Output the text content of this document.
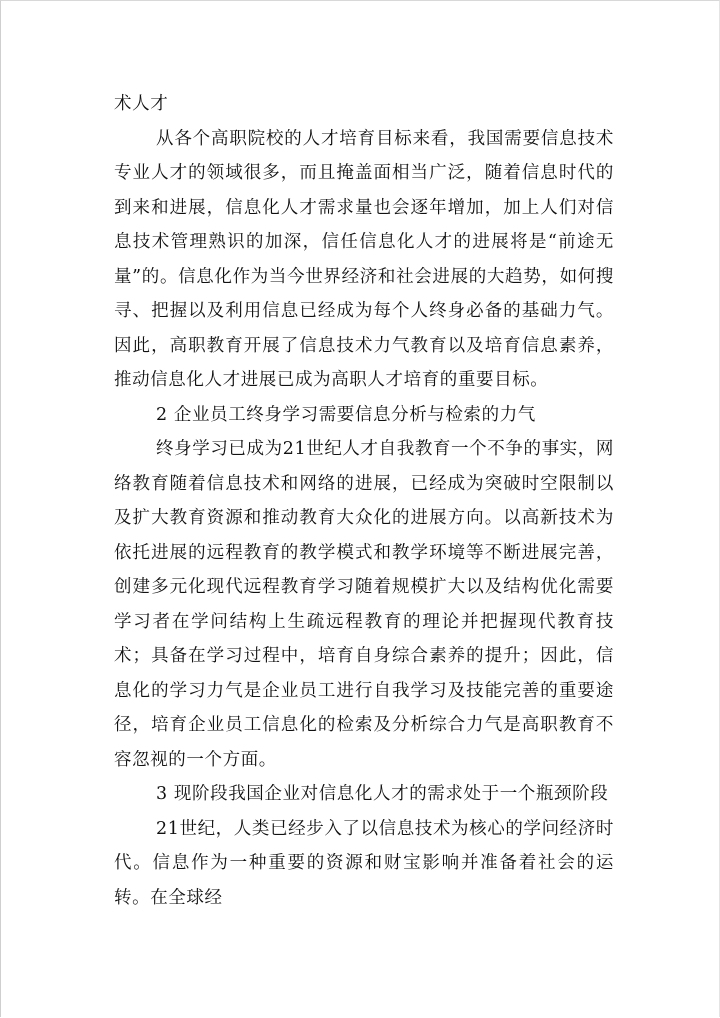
术人才

从各个高职院校的人才培育目标来看，我国需要信息技术专业人才的领域很多，而且掩盖面相当广泛，随着信息时代的到来和进展，信息化人才需求量也会逐年增加，加上人们对信息技术管理熟识的加深，信任信息化人才的进展将是“前途无量”的。信息化作为当今世界经济和社会进展的大趋势，如何搜寻、把握以及利用信息已经成为每个人终身必备的基础力气。因此，高职教育开展了信息技术力气教育以及培育信息素养，推动信息化人才进展已成为高职人才培育的重要目标。

2 企业员工终身学习需要信息分析与检索的力气

终身学习已成为21世纪人才自我教育一个不争的事实，网络教育随着信息技术和网络的进展，已经成为突破时空限制以及扩大教育资源和推动教育大众化的进展方向。以高新技术为依托进展的远程教育的教学模式和教学环境等不断进展完善，创建多元化现代远程教育学习随着规模扩大以及结构优化需要学习者在学问结构上生疏远程教育的理论并把握现代教育技术；具备在学习过程中，培育自身综合素养的提升；因此，信息化的学习力气是企业员工进行自我学习及技能完善的重要途径，培育企业员工信息化的检索及分析综合力气是高职教育不容忽视的一个方面。

3 现阶段我国企业对信息化人才的需求处于一个瓶颈阶段

21世纪，人类已经步入了以信息技术为核心的学问经济时代。信息作为一种重要的资源和财宝影响并准备着社会的运转。在全球经
